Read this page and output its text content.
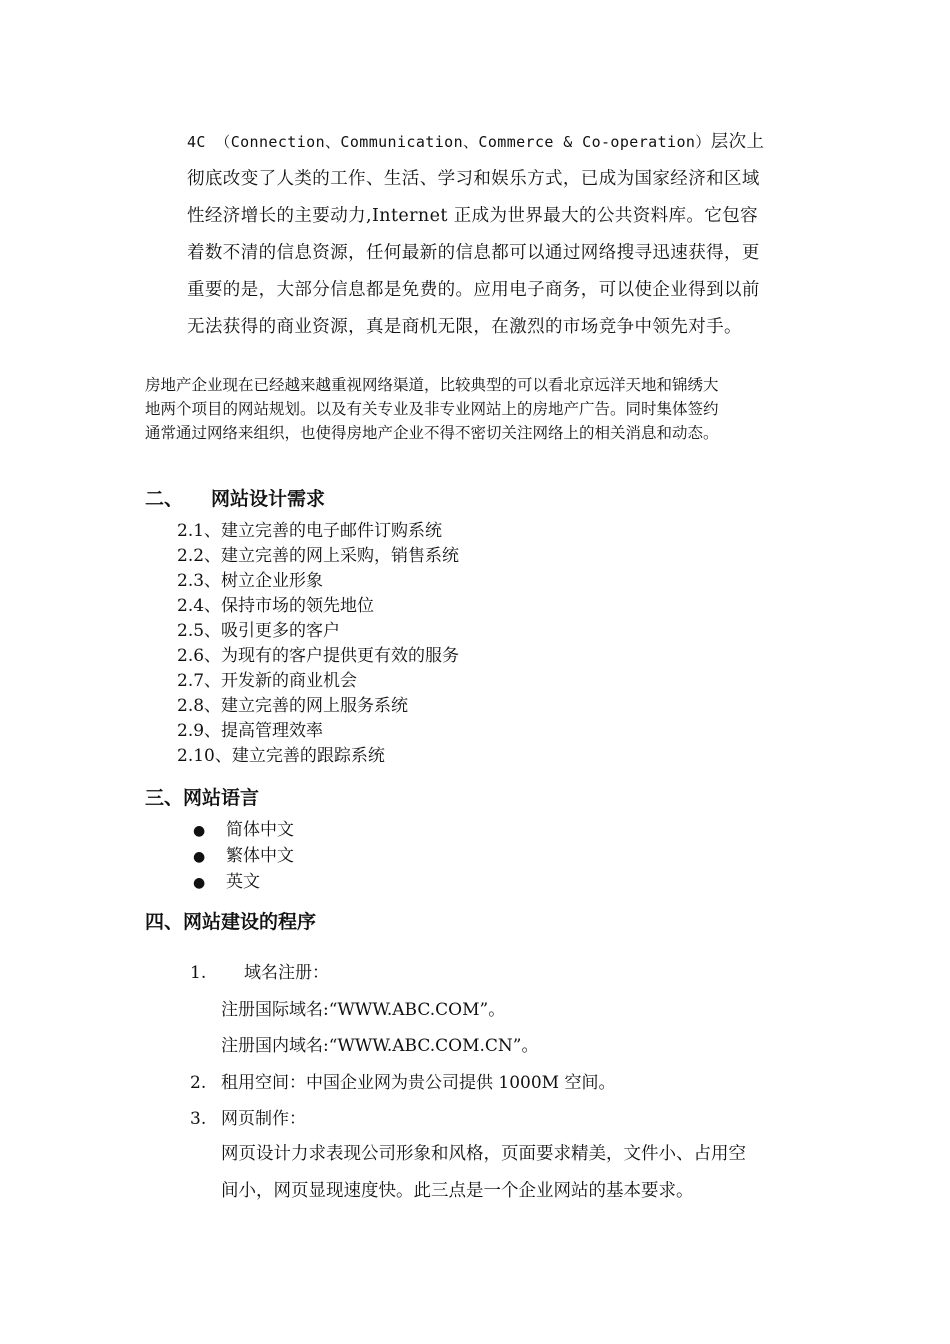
4C （Connection、Communication、Commerce & Co-operation）层次上

彻底改变了人类的工作、生活、学习和娱乐方式，已成为国家经济和区域

性经济增长的主要动力,Internet 正成为世界最大的公共资料库。它包容

着数不清的信息资源，任何最新的信息都可以通过网络搜寻迅速获得，更

重要的是，大部分信息都是免费的。应用电子商务，可以使企业得到以前

无法获得的商业资源，真是商机无限，在激烈的市场竞争中领先对手。

房地产企业现在已经越来越重视网络渠道，比较典型的可以看北京远洋天地和锦绣大

地两个项目的网站规划。以及有关专业及非专业网站上的房地产广告。同时集体签约

通常通过网络来组织，也使得房地产企业不得不密切关注网络上的相关消息和动态。

二、 网站设计需求
2.1、建立完善的电子邮件订购系统
2.2、建立完善的网上采购，销售系统
2.3、树立企业形象
2.4、保持市场的领先地位
2.5、吸引更多的客户
2.6、为现有的客户提供更有效的服务
2.7、开发新的商业机会
2.8、建立完善的网上服务系统
2.9、提高管理效率
2.10、建立完善的跟踪系统
三、网站语言
● 简体中文
● 繁体中文
● 英文
四、网站建设的程序
1. 域名注册：
注册国际域名:“WWW.ABC.COM”。
注册国内域名:“WWW.ABC.COM.CN”。
2. 租用空间：中国企业网为贵公司提供 1000M 空间。
3. 网页制作：

网页设计力求表现公司形象和风格，页面要求精美，文件小、占用空

间小，网页显现速度快。此三点是一个企业网站的基本要求。
